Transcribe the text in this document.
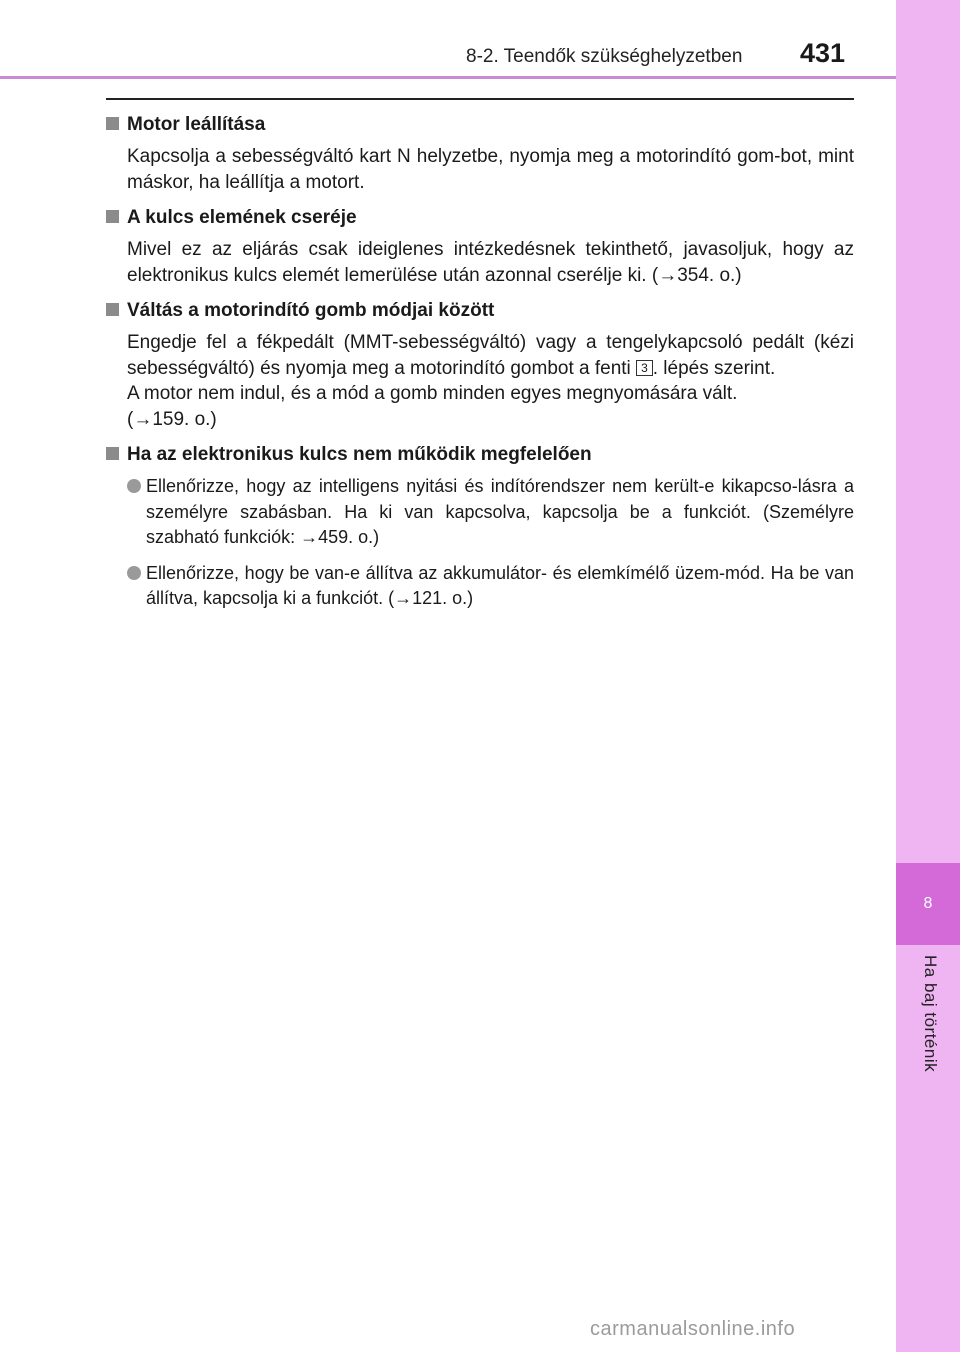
8-2. Teendők szükséghelyzetben 431
8
Ha baj történik
Motor leállítása
Kapcsolja a sebességváltó kart N helyzetbe, nyomja meg a motorindító gom-bot, mint máskor, ha leállítja a motort.
A kulcs elemének cseréje
Mivel ez az eljárás csak ideiglenes intézkedésnek tekinthető, javasoljuk, hogy az elektronikus kulcs elemét lemerülése után azonnal cserélje ki. (→354. o.)
Váltás a motorindító gomb módjai között
Engedje fel a fékpedált (MMT-sebességváltó) vagy a tengelykapcsoló pedált (kézi sebességváltó) és nyomja meg a motorindító gombot a fenti 3 . lépés szerint.
A motor nem indul, és a mód a gomb minden egyes megnyomására vált.
(→159. o.)
Ha az elektronikus kulcs nem működik megfelelően
Ellenőrizze, hogy az intelligens nyitási és indítórendszer nem került-e kikapcso-lásra a személyre szabásban. Ha ki van kapcsolva, kapcsolja be a funkciót. (Személyre szabható funkciók: →459. o.)
Ellenőrizze, hogy be van-e állítva az akkumulátor- és elemkímélő üzem-mód. Ha be van állítva, kapcsolja ki a funkciót. (→121. o.)
carmanualsonline.info
